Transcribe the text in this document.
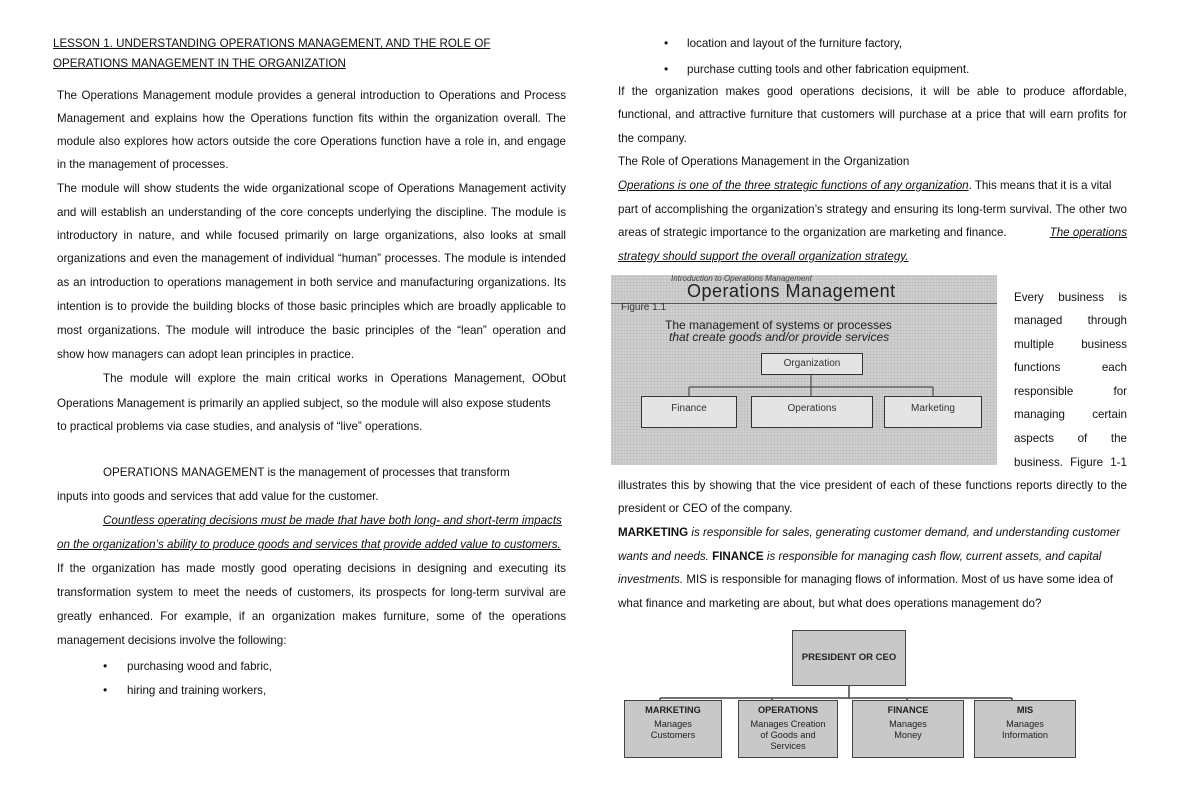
LESSON 1. UNDERSTANDING OPERATIONS MANAGEMENT, AND THE ROLE OF
OPERATIONS MANAGEMENT IN THE ORGANIZATION
The Operations Management module provides a general introduction to Operations and Process
Management and explains how the Operations function fits within the organization overall. The
module also explores how actors outside the core Operations function have a role in, and engage
in the management of processes.
The module will show students the wide organizational scope of Operations Management activity
and will establish an understanding of the core concepts underlying the discipline. The module is
introductory in nature, and while focused primarily on large organizations, also looks at small
organizations and even the management of individual “human” processes. The module is intended
as an introduction to operations management in both service and manufacturing organizations. Its
intention is to provide the building blocks of those basic principles which are broadly applicable to
most organizations. The module will introduce the basic principles of the “lean” operation and
show how managers can adopt lean principles in practice.
The module will explore the main critical works in Operations Management, OObut
Operations Management is primarily an applied subject, so the module will also expose students
to practical problems via case studies, and analysis of “live” operations.
OPERATIONS MANAGEMENT is the management of processes that transform
inputs into goods and services that add value for the customer.
Countless operating decisions must be made that have both long- and short-term impacts
on the organization’s ability to produce goods and services that provide added value to customers.
If the organization has made mostly good operating decisions in designing and executing its
transformation system to meet the needs of customers, its prospects for long-term survival are
greatly enhanced. For example, if an organization makes furniture, some of the operations
management decisions involve the following:
• purchasing wood and fabric,
• hiring and training workers,
• location and layout of the furniture factory,
• purchase cutting tools and other fabrication equipment.
If the organization makes good operations decisions, it will be able to produce affordable,
functional, and attractive furniture that customers will purchase at a price that will earn profits for
the company.
The Role of Operations Management in the Organization
Operations is one of the three strategic functions of any organization. This means that it is a vital
part of accomplishing the organization’s strategy and ensuring its long-term survival. The other two
areas of strategic importance to the organization are marketing and finance.	The operations
strategy should support the overall organization strategy.
Introduction to Operations Management
Operations Management
Figure 1.1
The management of systems or processes
that create goods and/or provide services
Organization
Finance	Operations	Marketing
Every business is
managed through
multiple business
functions each
responsible for
managing certain
aspects of the
business. Figure 1-1
illustrates this by showing that the vice president of each of these functions reports directly to the
president or CEO of the company.
MARKETING is responsible for sales, generating customer demand, and understanding customer
wants and needs. FINANCE is responsible for managing cash flow, current assets, and capital
investments. MIS is responsible for managing flows of information. Most of us have some idea of
what finance and marketing are about, but what does operations management do?
PRESIDENT OR CEO
MARKETING
Manages
Customers
OPERATIONS
Manages Creation
of Goods and
Services
FINANCE
Manages
Money
MIS
Manages
Information
